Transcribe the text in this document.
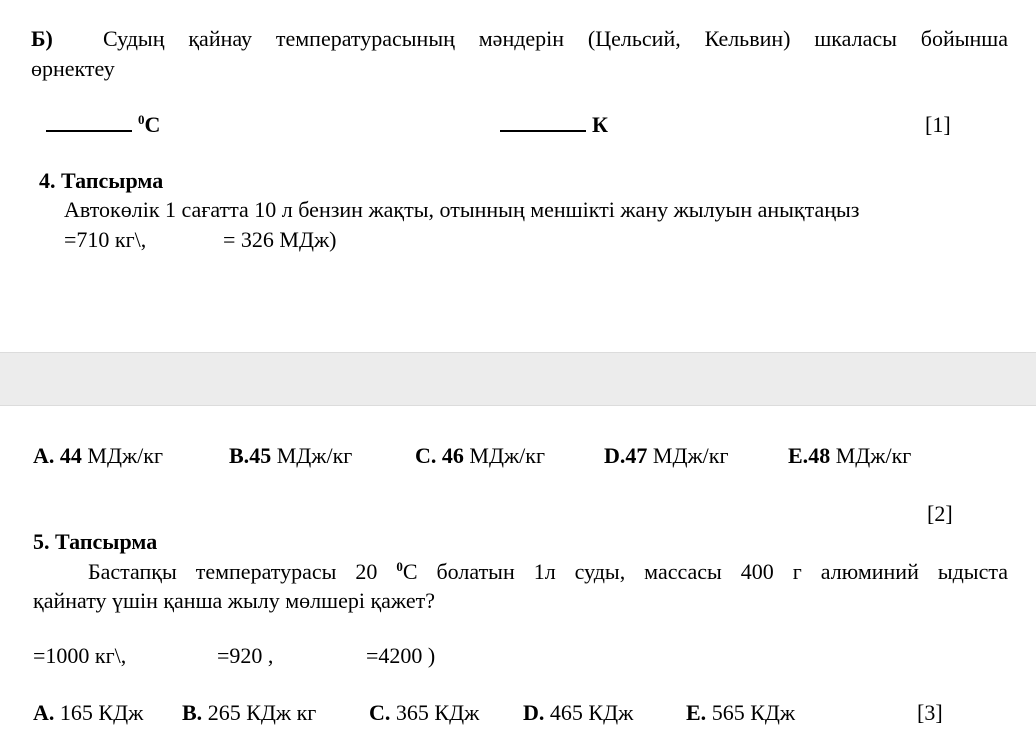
Б) Судың қайнау температурасының мәндерін (Цельсий, Кельвин) шкаласы бойынша
өрнектеу
$^0$С	К	[1]
4. Тапсырма
Автокөлік 1 сағатта 10 л бензин жақты, отынның меншікті жану жылуын анықтаңыз
=710 кг\,	= 326 МДж)
А. 44 МДж/кг	В.45 МДж/кг	С. 46 МДж/кг	D.47 МДж/кг	Е.48 МДж/кг
[2]
5. Тапсырма
Бастапқы температурасы 20 $^0$С болатын 1л суды, массасы 400 г алюминий ыдыста
қайнату үшін қанша жылу мөлшері қажет?
=1000 кг\,	=920 ,	=4200 )
А. 165 КДж В. 265 КДж кг С. 365 КДж D. 465 КДж Е. 565 КДж	[3]
